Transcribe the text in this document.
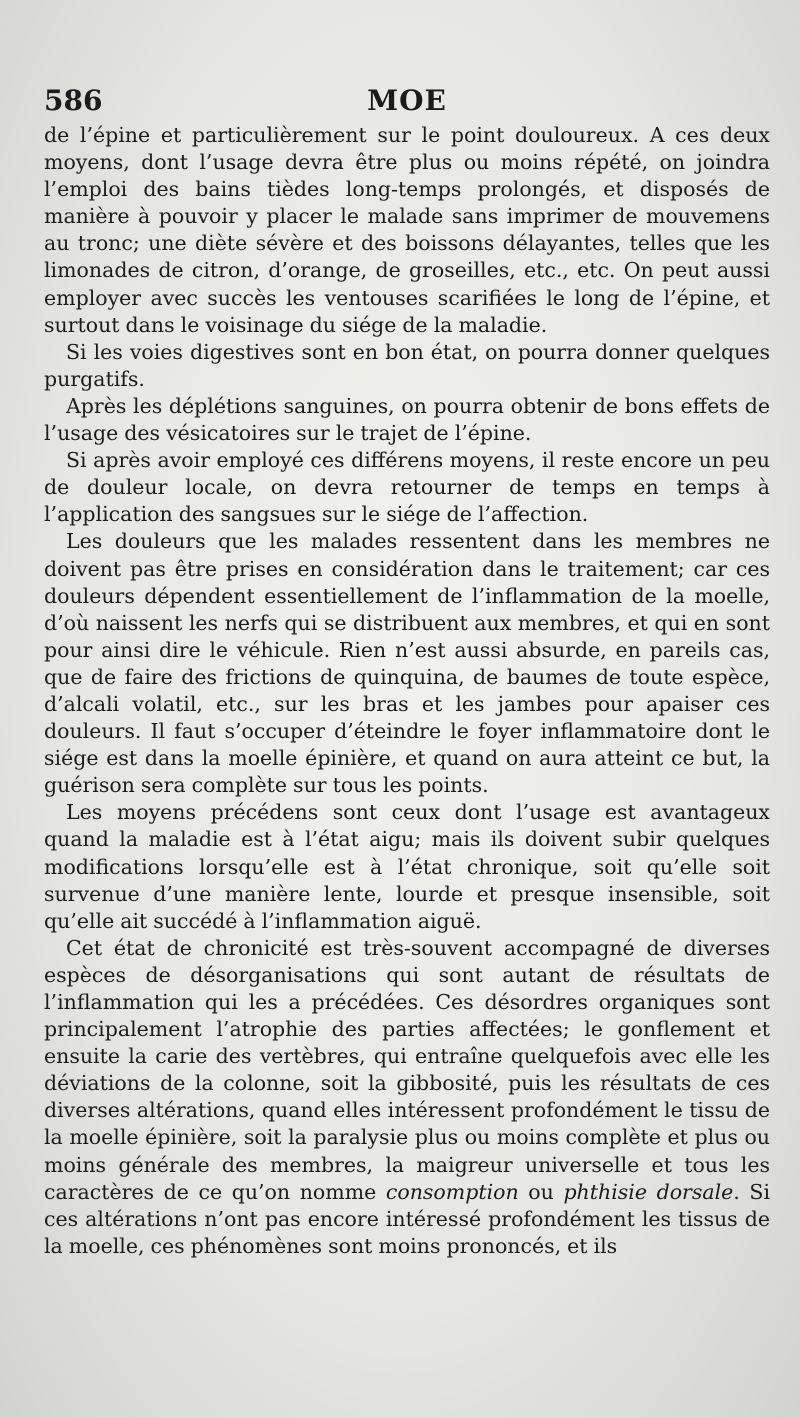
586	MOE

de l’épine et particulièrement sur le point douloureux. A ces deux moyens, dont l’usage devra être plus ou moins répété, on joindra l’emploi des bains tièdes long-temps prolongés, et disposés de manière à pouvoir y placer le malade sans imprimer de mouvemens au tronc; une diète sévère et des boissons délayantes, telles que les limonades de citron, d’orange, de groseilles, etc., etc. On peut aussi employer avec succès les ventouses scarifiées le long de l’épine, et surtout dans le voisinage du siége de la maladie.

Si les voies digestives sont en bon état, on pourra donner quelques purgatifs.

Après les déplétions sanguines, on pourra obtenir de bons effets de l’usage des vésicatoires sur le trajet de l’épine.

Si après avoir employé ces différens moyens, il reste encore un peu de douleur locale, on devra retourner de temps en temps à l’application des sangsues sur le siége de l’affection.

Les douleurs que les malades ressentent dans les membres ne doivent pas être prises en considération dans le traitement; car ces douleurs dépendent essentiellement de l’inflammation de la moelle, d’où naissent les nerfs qui se distribuent aux membres, et qui en sont pour ainsi dire le véhicule. Rien n’est aussi absurde, en pareils cas, que de faire des frictions de quinquina, de baumes de toute espèce, d’alcali volatil, etc., sur les bras et les jambes pour apaiser ces douleurs. Il faut s’occuper d’éteindre le foyer inflammatoire dont le siége est dans la moelle épinière, et quand on aura atteint ce but, la guérison sera complète sur tous les points.

Les moyens précédens sont ceux dont l’usage est avantageux quand la maladie est à l’état aigu; mais ils doivent subir quelques modifications lorsqu’elle est à l’état chronique, soit qu’elle soit survenue d’une manière lente, lourde et presque insensible, soit qu’elle ait succédé à l’inflammation aiguë.

Cet état de chronicité est très-souvent accompagné de diverses espèces de désorganisations qui sont autant de résultats de l’inflammation qui les a précédées. Ces désordres organiques sont principalement l’atrophie des parties affectées; le gonflement et ensuite la carie des vertèbres, qui entraîne quelquefois avec elle les déviations de la colonne, soit la gibbosité, puis les résultats de ces diverses altérations, quand elles intéressent profondément le tissu de la moelle épinière, soit la paralysie plus ou moins complète et plus ou moins générale des membres, la maigreur universelle et tous les caractères de ce qu’on nomme consomption ou phthisie dorsale. Si ces altérations n’ont pas encore intéressé profondément les tissus de la moelle, ces phénomènes sont moins prononcés, et ils
